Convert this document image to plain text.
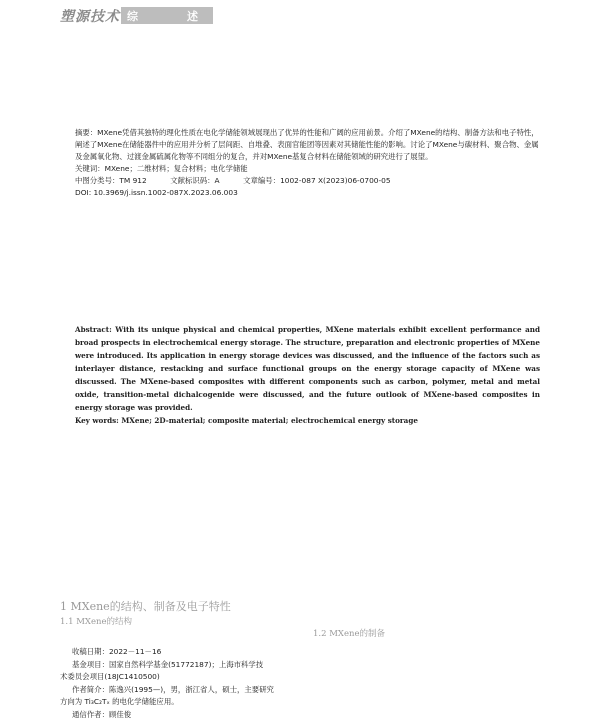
塑源技术 综	述

摘要：MXene凭借其独特的理化性质在电化学储能领域展现出了优异的性能和广阔的应用前景。介绍了MXene的结构、制备方法和电子特性，阐述了MXene在储能器件中的应用并分析了层间距、自堆叠、表面官能团等因素对其储能性能的影响。讨论了MXene与碳材料、聚合物、金属及金属氧化物、过渡金属硫属化物等不同组分的复合，并对MXene基复合材料在储能领域的研究进行了展望。

关键词：MXene；二维材料；复合材料；电化学储能

中图分类号：TM 912	文献标识码：A	文章编号：1002-087 X(2023)06-0700-05

DOI: 10.3969/j.issn.1002-087X.2023.06.003

Abstract: With its unique physical and chemical properties, MXene materials exhibit excellent performance and broad prospects in electrochemical energy storage. The structure, preparation and electronic properties of MXene were introduced. Its application in energy storage devices was discussed, and the influence of the factors such as interlayer distance, restacking and surface functional groups on the energy storage capacity of MXene was discussed. The MXene-based composites with different components such as carbon, polymer, metal and metal oxide, transition-metal dichalcogenide were discussed, and the future outlook of MXene-based composites in energy storage was provided.

Key words: MXene; 2D-material; composite material; electrochemical energy storage

1 MXene的结构、制备及电子特性
1.1 MXene的结构
1.2 MXene的制备

收稿日期：2022－11－16

基金项目：国家自然科学基金(51772187)；上海市科学技

术委员会项目(18JC1410500)

作者简介：陈逸兴(1995—)，男，浙江省人，硕士，主要研究

方向为 Ti₃C₂Tₓ 的电化学储能应用。

通信作者：顾佳俊
